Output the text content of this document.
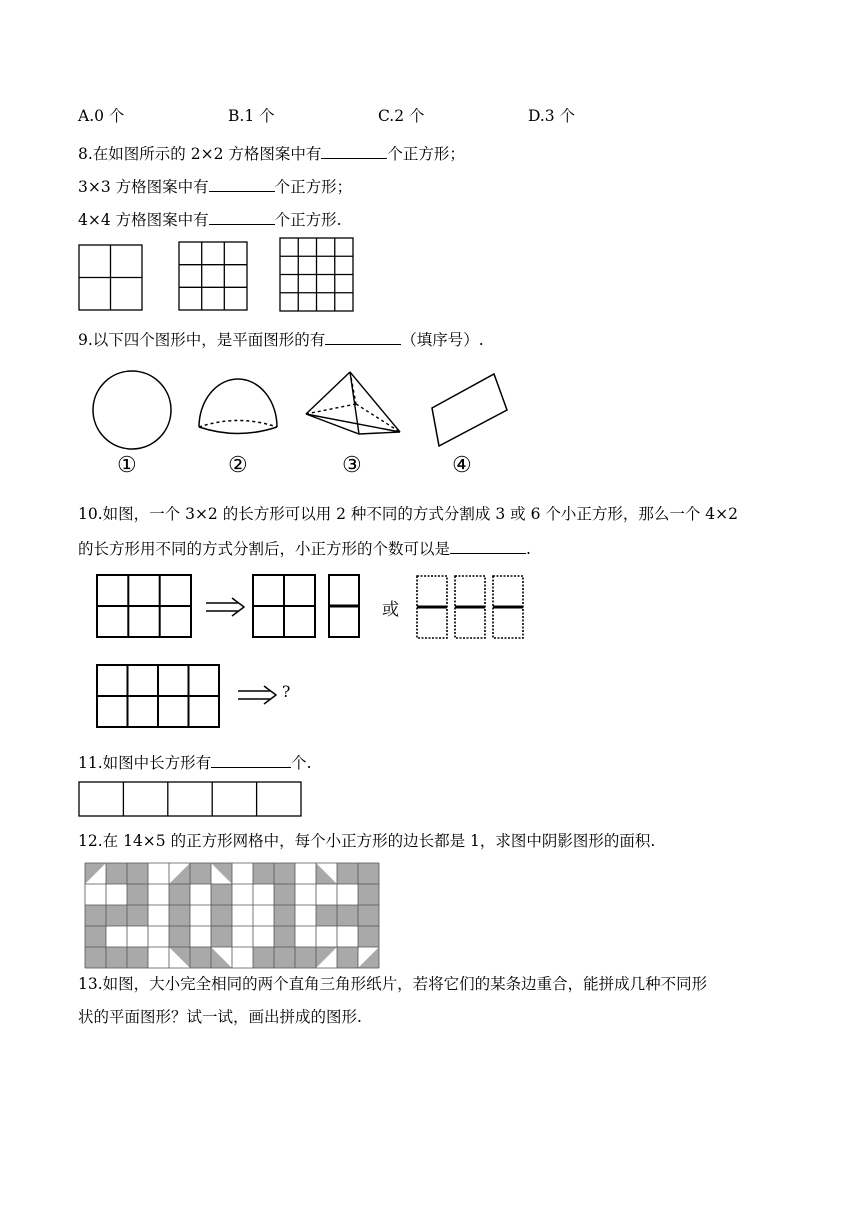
A.0 个	B.1 个	C.2 个	D.3 个
8.在如图所示的 2×2 方格图案中有	个正方形；
3×3 方格图案中有	个正方形；
4×4 方格图案中有	个正方形.
9.以下四个图形中，是平面图形的有	（填序号）.
①	②	③	④
10.如图，一个 3×2 的长方形可以用 2 种不同的方式分割成 3 或 6 个小正方形，那么一个 4×2
的长方形用不同的方式分割后，小正方形的个数可以是	.
或
?
11.如图中长方形有	个.
12.在 14×5 的正方形网格中，每个小正方形的边长都是 1，求图中阴影图形的面积.
13.如图，大小完全相同的两个直角三角形纸片，若将它们的某条边重合，能拼成几种不同形
状的平面图形？试一试，画出拼成的图形.
